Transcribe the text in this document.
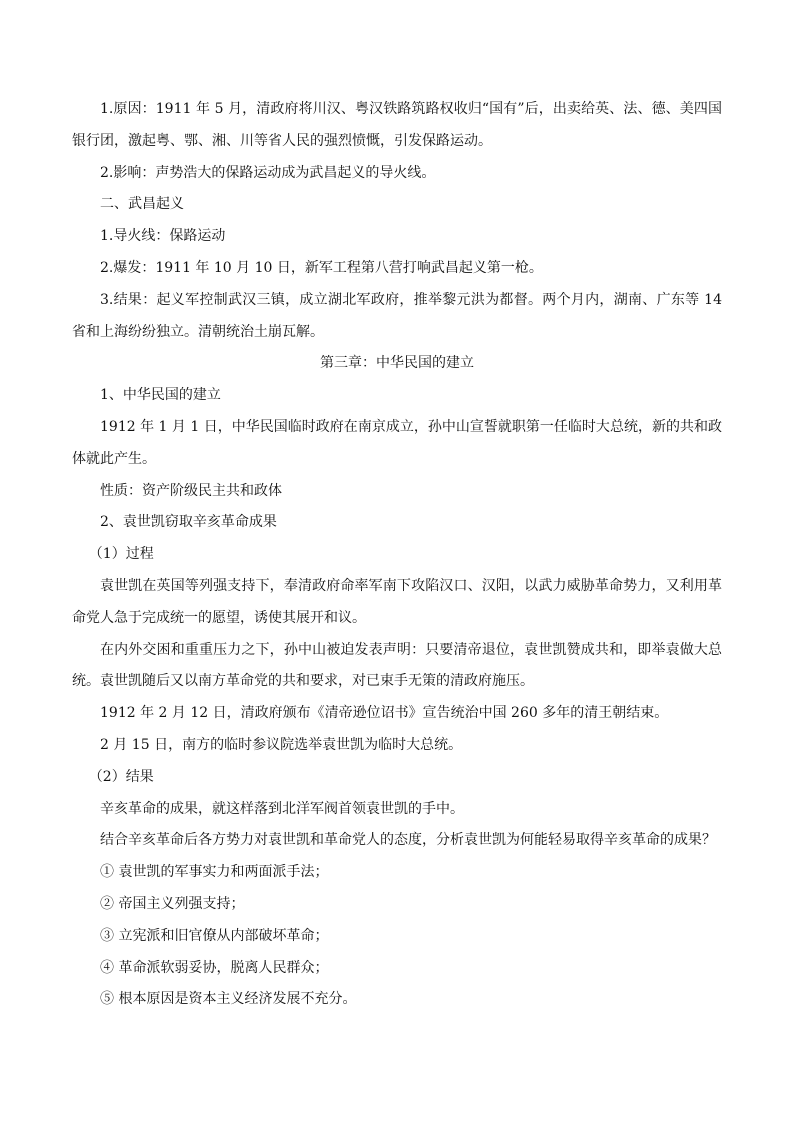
1.原因：1911 年 5 月，清政府将川汉、粤汉铁路筑路权收归“国有”后，出卖给英、法、德、美四国银行团，激起粤、鄂、湘、川等省人民的强烈愤慨，引发保路运动。

2.影响：声势浩大的保路运动成为武昌起义的导火线。

二、武昌起义

1.导火线：保路运动

2.爆发：1911 年 10 月 10 日，新军工程第八营打响武昌起义第一枪。

3.结果：起义军控制武汉三镇，成立湖北军政府，推举黎元洪为都督。两个月内，湖南、广东等 14 省和上海纷纷独立。清朝统治土崩瓦解。

第三章：中华民国的建立

1、中华民国的建立

1912 年 1 月 1 日，中华民国临时政府在南京成立，孙中山宣誓就职第一任临时大总统，新的共和政体就此产生。

性质：资产阶级民主共和政体

2、袁世凯窃取辛亥革命成果

（1）过程

袁世凯在英国等列强支持下，奉清政府命率军南下攻陷汉口、汉阳，以武力威胁革命势力，又利用革命党人急于完成统一的愿望，诱使其展开和议。

在内外交困和重重压力之下，孙中山被迫发表声明：只要清帝退位，袁世凯赞成共和，即举袁做大总统。袁世凯随后又以南方革命党的共和要求，对已束手无策的清政府施压。

1912 年 2 月 12 日，清政府颁布《清帝逊位诏书》宣告统治中国 260 多年的清王朝结束。

2 月 15 日，南方的临时参议院选举袁世凯为临时大总统。

（2）结果

辛亥革命的成果，就这样落到北洋军阀首领袁世凯的手中。

结合辛亥革命后各方势力对袁世凯和革命党人的态度，分析袁世凯为何能轻易取得辛亥革命的成果？

① 袁世凯的军事实力和两面派手法；

② 帝国主义列强支持；

③ 立宪派和旧官僚从内部破坏革命；

④ 革命派软弱妥协，脱离人民群众；

⑤ 根本原因是资本主义经济发展不充分。
